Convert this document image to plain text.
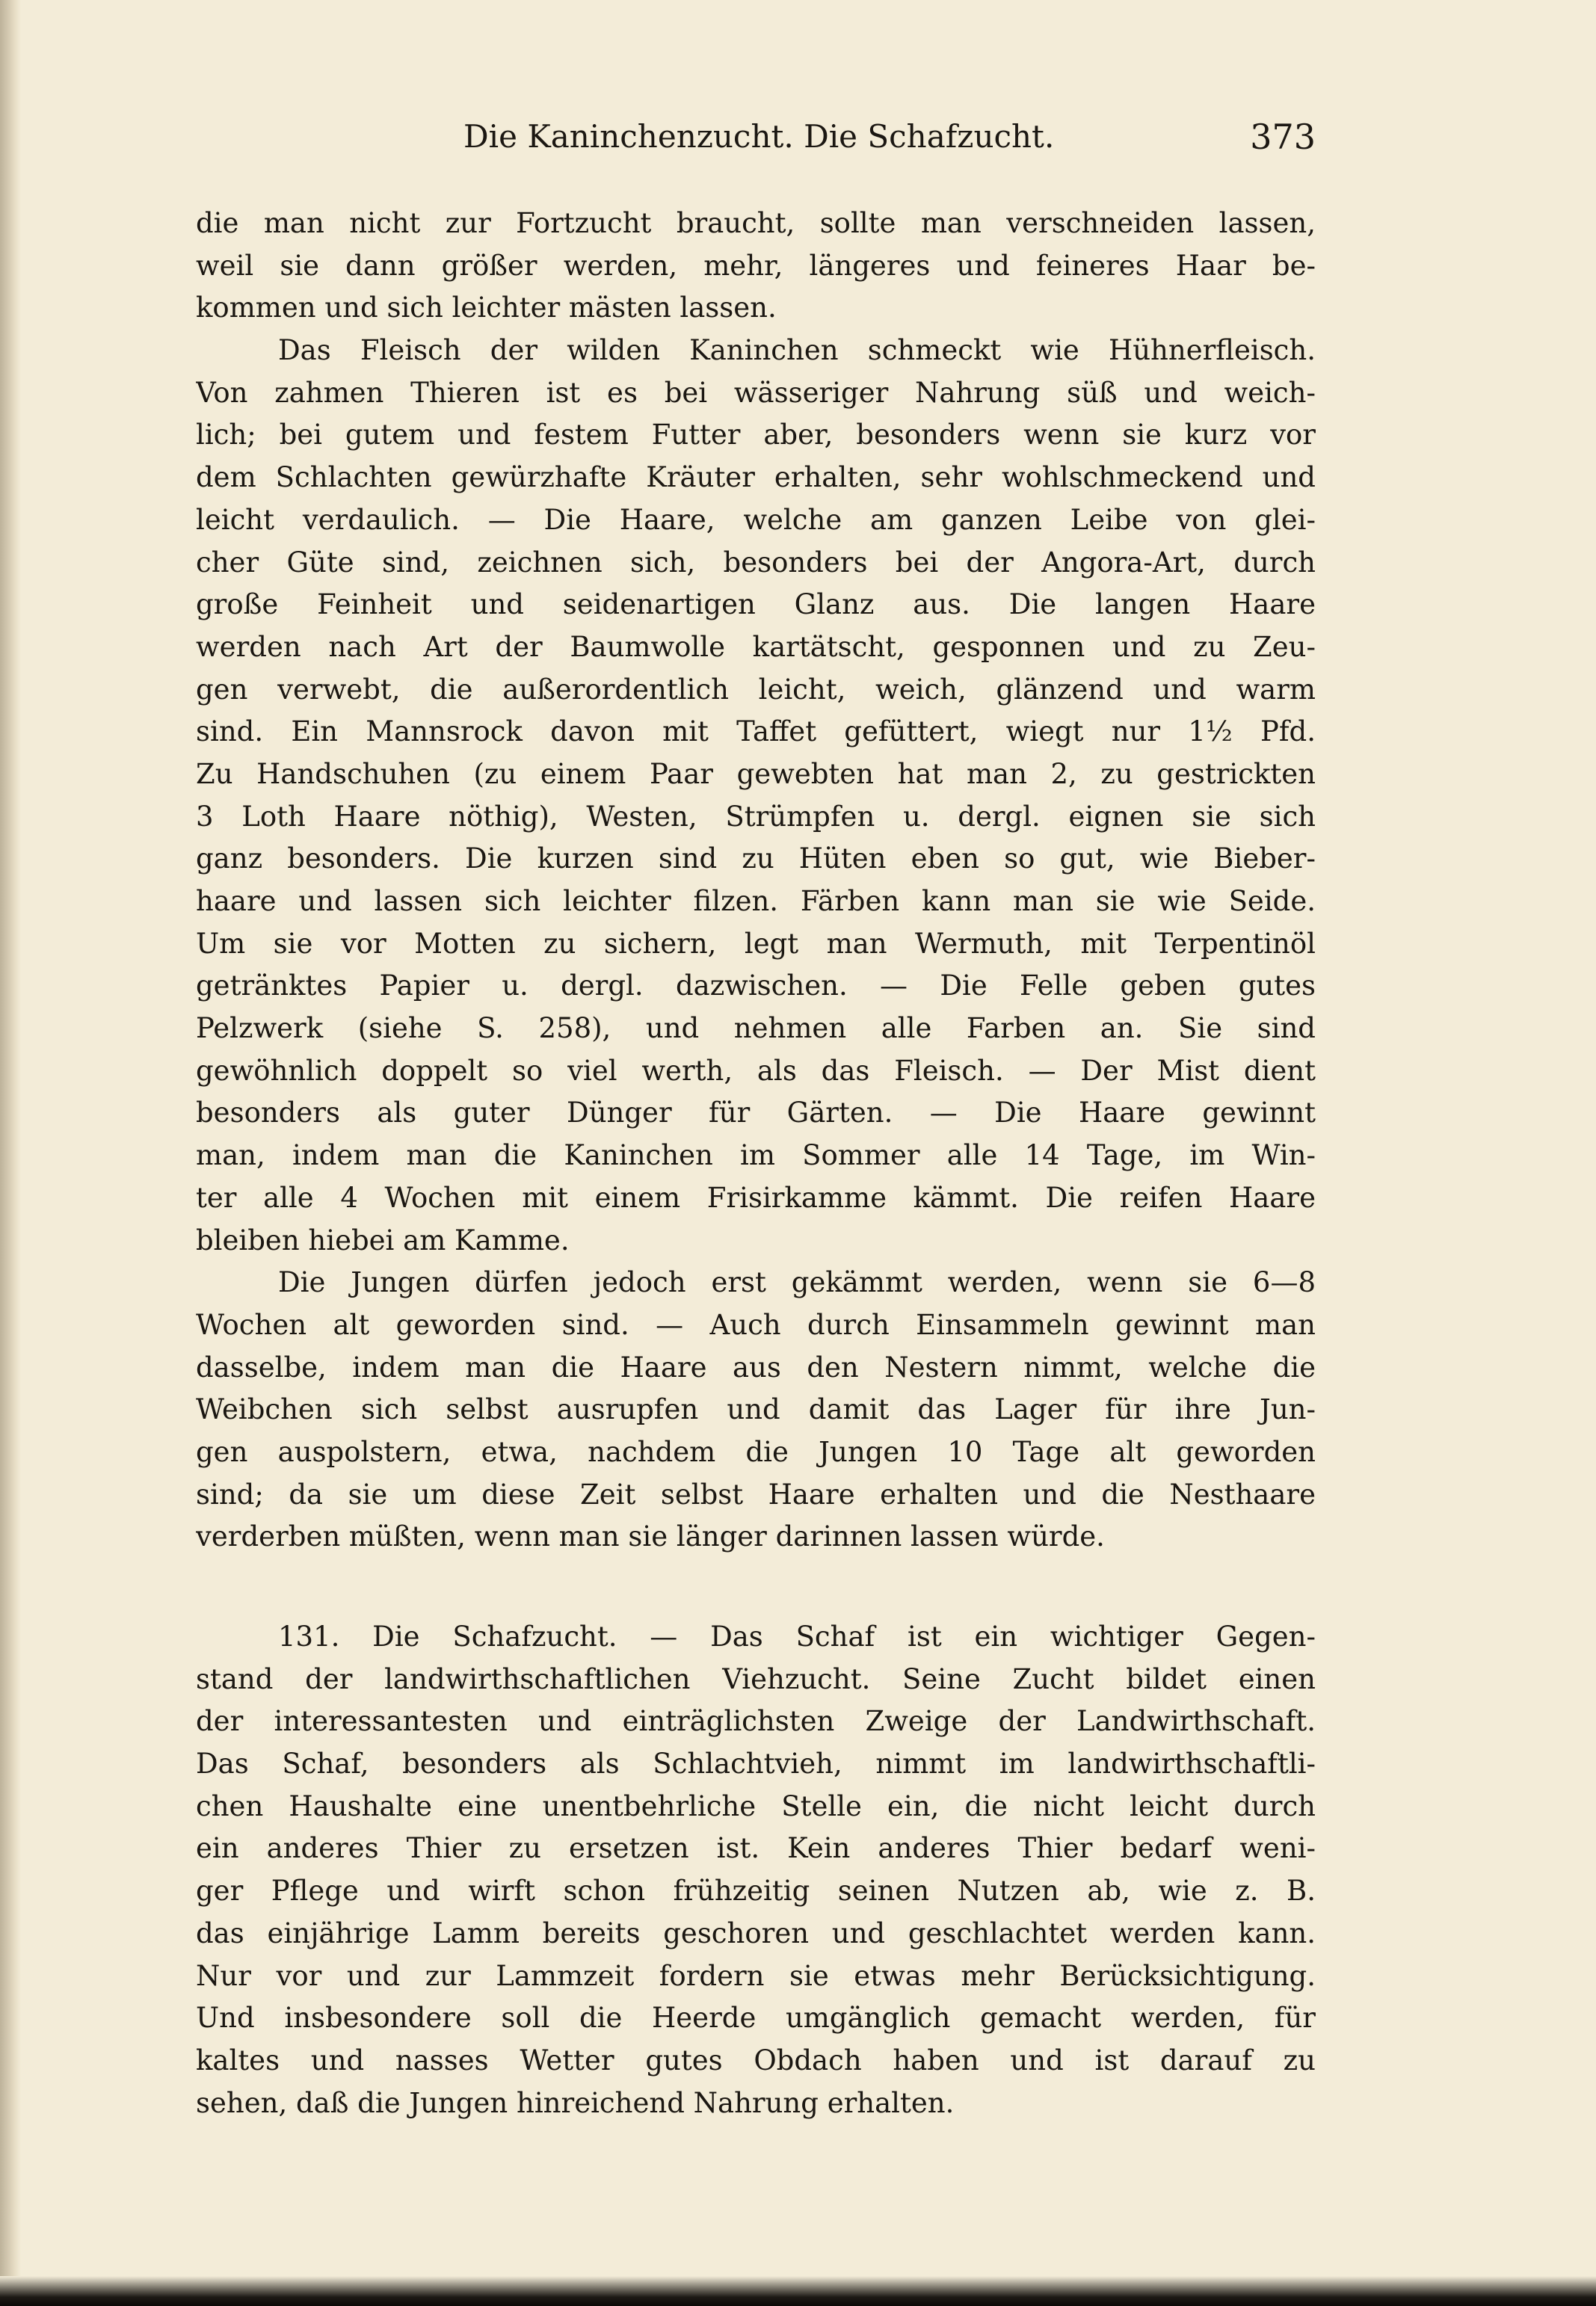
Die Kaninchenzucht. Die Schafzucht.	373
die man nicht zur Fortzucht braucht, sollte man verschneiden lassen,
weil sie dann größer werden, mehr, längeres und feineres Haar be-
kommen und sich leichter mästen lassen.
Das Fleisch der wilden Kaninchen schmeckt wie Hühnerfleisch.
Von zahmen Thieren ist es bei wässeriger Nahrung süß und weich-
lich; bei gutem und festem Futter aber, besonders wenn sie kurz vor
dem Schlachten gewürzhafte Kräuter erhalten, sehr wohlschmeckend und
leicht verdaulich. — Die Haare, welche am ganzen Leibe von glei-
cher Güte sind, zeichnen sich, besonders bei der Angora-Art, durch
große Feinheit und seidenartigen Glanz aus. Die langen Haare
werden nach Art der Baumwolle kartätscht, gesponnen und zu Zeu-
gen verwebt, die außerordentlich leicht, weich, glänzend und warm
sind. Ein Mannsrock davon mit Taffet gefüttert, wiegt nur 1½ Pfd.
Zu Handschuhen (zu einem Paar gewebten hat man 2, zu gestrickten
3 Loth Haare nöthig), Westen, Strümpfen u. dergl. eignen sie sich
ganz besonders. Die kurzen sind zu Hüten eben so gut, wie Bieber-
haare und lassen sich leichter filzen. Färben kann man sie wie Seide.
Um sie vor Motten zu sichern, legt man Wermuth, mit Terpentinöl
getränktes Papier u. dergl. dazwischen. — Die Felle geben gutes
Pelzwerk (siehe S. 258), und nehmen alle Farben an. Sie sind
gewöhnlich doppelt so viel werth, als das Fleisch. — Der Mist dient
besonders als guter Dünger für Gärten. — Die Haare gewinnt
man, indem man die Kaninchen im Sommer alle 14 Tage, im Win-
ter alle 4 Wochen mit einem Frisirkamme kämmt. Die reifen Haare
bleiben hiebei am Kamme.
Die Jungen dürfen jedoch erst gekämmt werden, wenn sie 6—8
Wochen alt geworden sind. — Auch durch Einsammeln gewinnt man
dasselbe, indem man die Haare aus den Nestern nimmt, welche die
Weibchen sich selbst ausrupfen und damit das Lager für ihre Jun-
gen auspolstern, etwa, nachdem die Jungen 10 Tage alt geworden
sind; da sie um diese Zeit selbst Haare erhalten und die Nesthaare
verderben müßten, wenn man sie länger darinnen lassen würde.
131. Die Schafzucht. — Das Schaf ist ein wichtiger Gegen-
stand der landwirthschaftlichen Viehzucht. Seine Zucht bildet einen
der interessantesten und einträglichsten Zweige der Landwirthschaft.
Das Schaf, besonders als Schlachtvieh, nimmt im landwirthschaftli-
chen Haushalte eine unentbehrliche Stelle ein, die nicht leicht durch
ein anderes Thier zu ersetzen ist. Kein anderes Thier bedarf weni-
ger Pflege und wirft schon frühzeitig seinen Nutzen ab, wie z. B.
das einjährige Lamm bereits geschoren und geschlachtet werden kann.
Nur vor und zur Lammzeit fordern sie etwas mehr Berücksichtigung.
Und insbesondere soll die Heerde umgänglich gemacht werden, für
kaltes und nasses Wetter gutes Obdach haben und ist darauf zu
sehen, daß die Jungen hinreichend Nahrung erhalten.
